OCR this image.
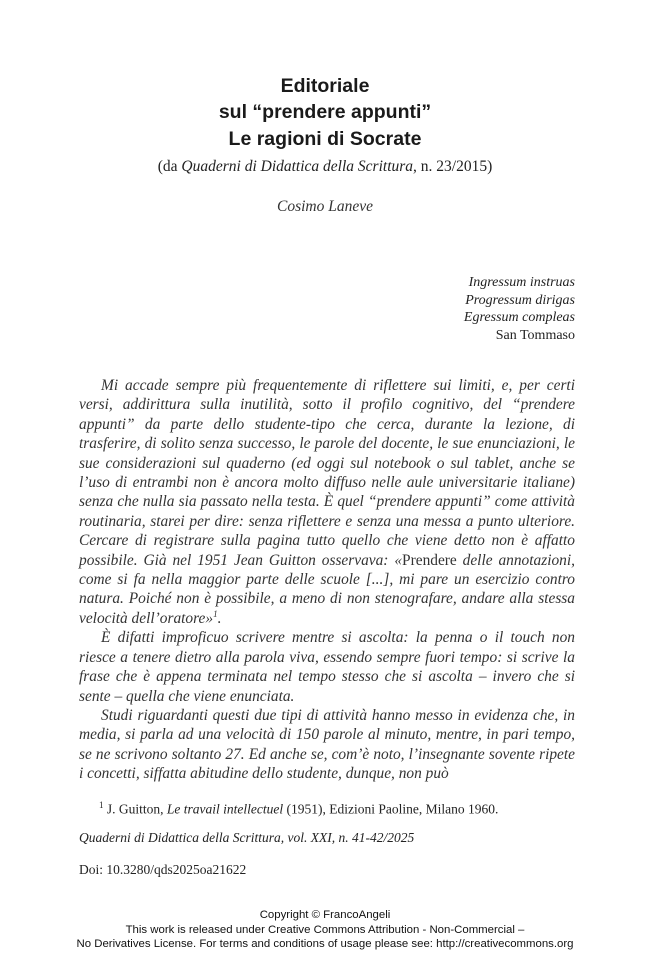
Editoriale
sul “prendere appunti”
Le ragioni di Socrate
(da Quaderni di Didattica della Scrittura, n. 23/2015)
Cosimo Laneve
Ingressum instruas
Progressum dirigas
Egressum compleas
San Tommaso

Mi accade sempre più frequentemente di riflettere sui limiti, e, per certi versi, addirittura sulla inutilità, sotto il profilo cognitivo, del “prendere appunti” da parte dello studente-tipo che cerca, durante la lezione, di trasferire, di solito senza successo, le parole del docente, le sue enunciazioni, le sue considerazioni sul quaderno (ed oggi sul notebook o sul tablet, anche se l’uso di entrambi non è ancora molto diffuso nelle aule universitarie italiane) senza che nulla sia passato nella testa. È quel “prendere appunti” come attività routinaria, starei per dire: senza riflettere e senza una messa a punto ulteriore. Cercare di registrare sulla pagina tutto quello che viene detto non è affatto possibile. Già nel 1951 Jean Guitton osservava: «Prendere delle annotazioni, come si fa nella maggior parte delle scuole [...], mi pare un esercizio contro natura. Poiché non è possibile, a meno di non stenografare, andare alla stessa velocità dell’oratore»$^1$.

È difatti improficuo scrivere mentre si ascolta: la penna o il touch non riesce a tenere dietro alla parola viva, essendo sempre fuori tempo: si scrive la frase che è appena terminata nel tempo stesso che si ascolta – invero che si sente – quella che viene enunciata.

Studi riguardanti questi due tipi di attività hanno messo in evidenza che, in media, si parla ad una velocità di 150 parole al minuto, mentre, in pari tempo, se ne scrivono soltanto 27. Ed anche se, com’è noto, l’insegnante sovente ripete i concetti, siffatta abitudine dello studente, dunque, non può

$^1$ J. Guitton, Le travail intellectuel (1951), Edizioni Paoline, Milano 1960.
Quaderni di Didattica della Scrittura, vol. XXI, n. 41-42/2025
Doi: 10.3280/qds2025oa21622
Copyright © FrancoAngeli
This work is released under Creative Commons Attribution - Non-Commercial –
No Derivatives License. For terms and conditions of usage please see: http://creativecommons.org
